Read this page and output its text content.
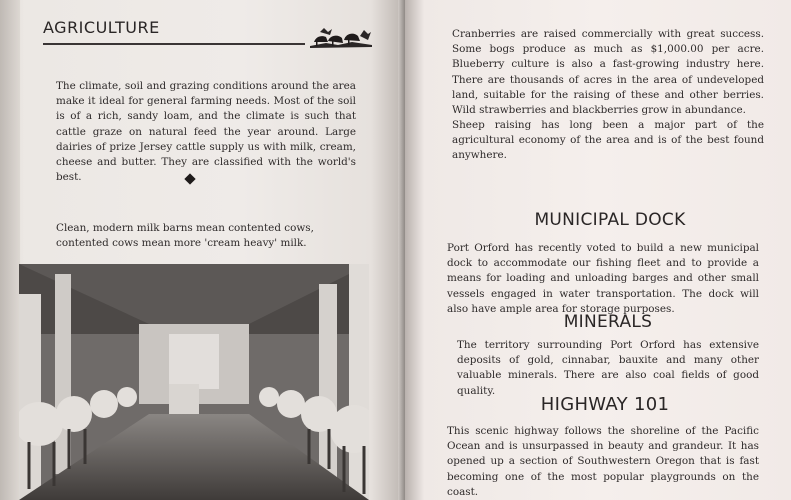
AGRICULTURE

The climate, soil and grazing conditions around the area make it ideal for general farming needs. Most of the soil is of a rich, sandy loam, and the climate is such that cattle graze on natural feed the year around. Large dairies of prize Jersey cattle supply us with milk, cream, cheese and butter. They are classified with the world's best.

Clean, modern milk barns mean contented cows, contented cows mean more 'cream heavy' milk.

Cranberries are raised commercially with great success. Some bogs produce as much as $1,000.00 per acre. Blueberry culture is also a fast-growing industry here. There are thousands of acres in the area of undeveloped land, suitable for the raising of these and other berries. Wild strawberries and blackberries grow in abundance.

Sheep raising has long been a major part of the agricultural economy of the area and is of the best found anywhere.

MUNICIPAL DOCK

Port Orford has recently voted to build a new municipal dock to accommodate our fishing fleet and to provide a means for loading and unloading barges and other small vessels engaged in water transportation. The dock will also have ample area for storage purposes.

MINERALS

The territory surrounding Port Orford has extensive deposits of gold, cinnabar, bauxite and many other valuable minerals. There are also coal fields of good quality.

HIGHWAY 101

This scenic highway follows the shoreline of the Pacific Ocean and is unsurpassed in beauty and grandeur. It has opened up a section of Southwestern Oregon that is fast becoming one of the most popular playgrounds on the coast.
